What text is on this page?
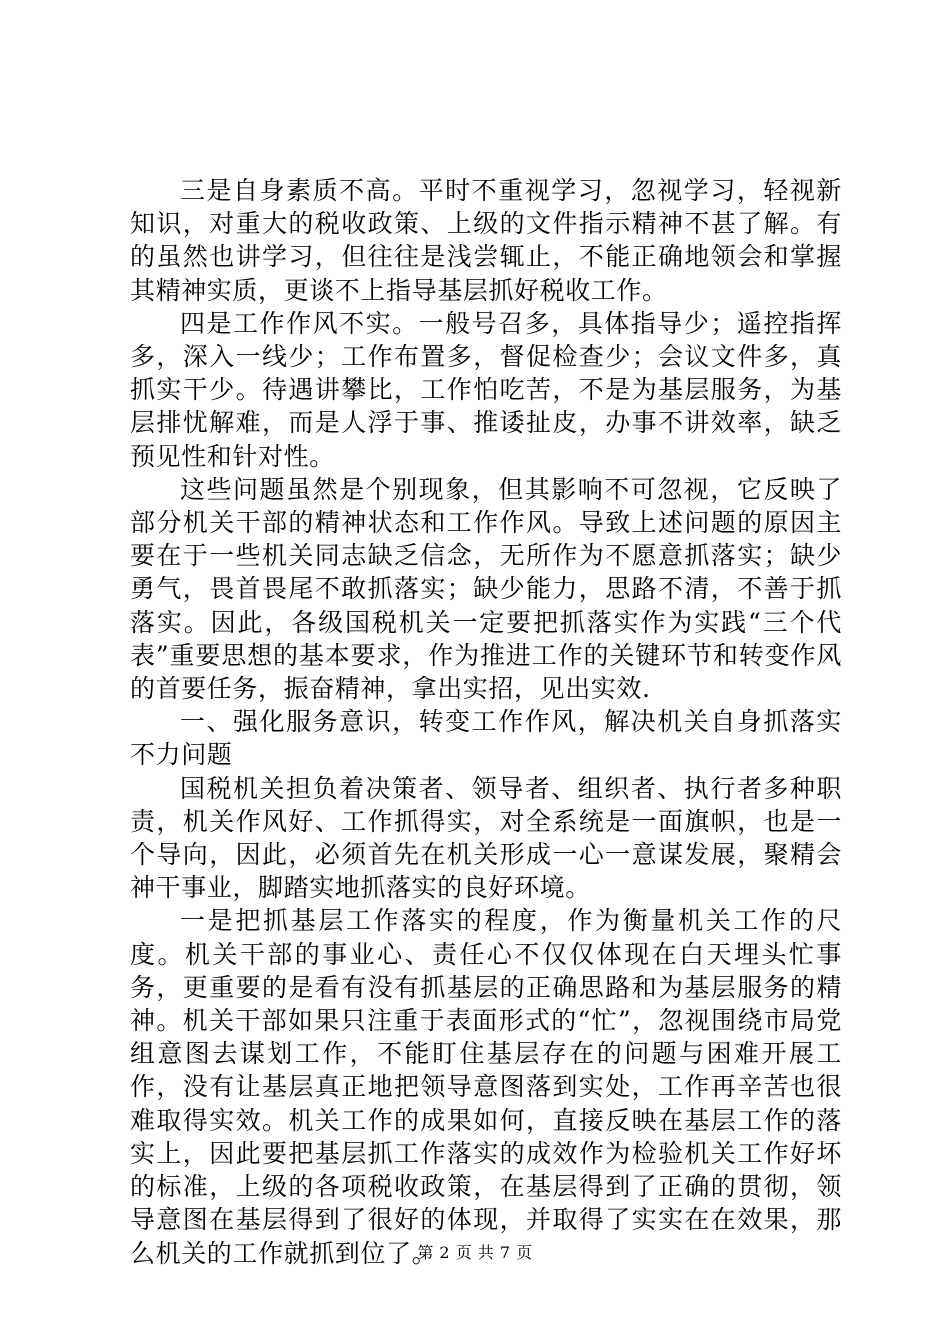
三是自身素质不高。平时不重视学习，忽视学习，轻视新知识，对重大的税收政策、上级的文件指示精神不甚了解。有的虽然也讲学习，但往往是浅尝辄止，不能正确地领会和掌握其精神实质，更谈不上指导基层抓好税收工作。

四是工作作风不实。一般号召多，具体指导少；遥控指挥多，深入一线少；工作布置多，督促检查少；会议文件多，真抓实干少。待遇讲攀比，工作怕吃苦，不是为基层服务，为基层排忧解难，而是人浮于事、推诿扯皮，办事不讲效率，缺乏预见性和针对性。

这些问题虽然是个别现象，但其影响不可忽视，它反映了部分机关干部的精神状态和工作作风。导致上述问题的原因主要在于一些机关同志缺乏信念，无所作为不愿意抓落实；缺少勇气，畏首畏尾不敢抓落实；缺少能力，思路不清，不善于抓落实。因此，各级国税机关一定要把抓落实作为实践“三个代表”重要思想的基本要求，作为推进工作的关键环节和转变作风的首要任务，振奋精神，拿出实招，见出实效.

一、强化服务意识，转变工作作风，解决机关自身抓落实不力问题

国税机关担负着决策者、领导者、组织者、执行者多种职责，机关作风好、工作抓得实，对全系统是一面旗帜，也是一个导向，因此，必须首先在机关形成一心一意谋发展，聚精会神干事业，脚踏实地抓落实的良好环境。

一是把抓基层工作落实的程度，作为衡量机关工作的尺度。机关干部的事业心、责任心不仅仅体现在白天埋头忙事务，更重要的是看有没有抓基层的正确思路和为基层服务的精神。机关干部如果只注重于表面形式的“忙”，忽视围绕市局党组意图去谋划工作，不能盯住基层存在的问题与困难开展工作，没有让基层真正地把领导意图落到实处，工作再辛苦也很难取得实效。机关工作的成果如何，直接反映在基层工作的落实上，因此要把基层抓工作落实的成效作为检验机关工作好坏的标准，上级的各项税收政策，在基层得到了正确的贯彻，领导意图在基层得到了很好的体现，并取得了实实在在效果，那么机关的工作就抓到位了。

第 2 页 共 7 页
